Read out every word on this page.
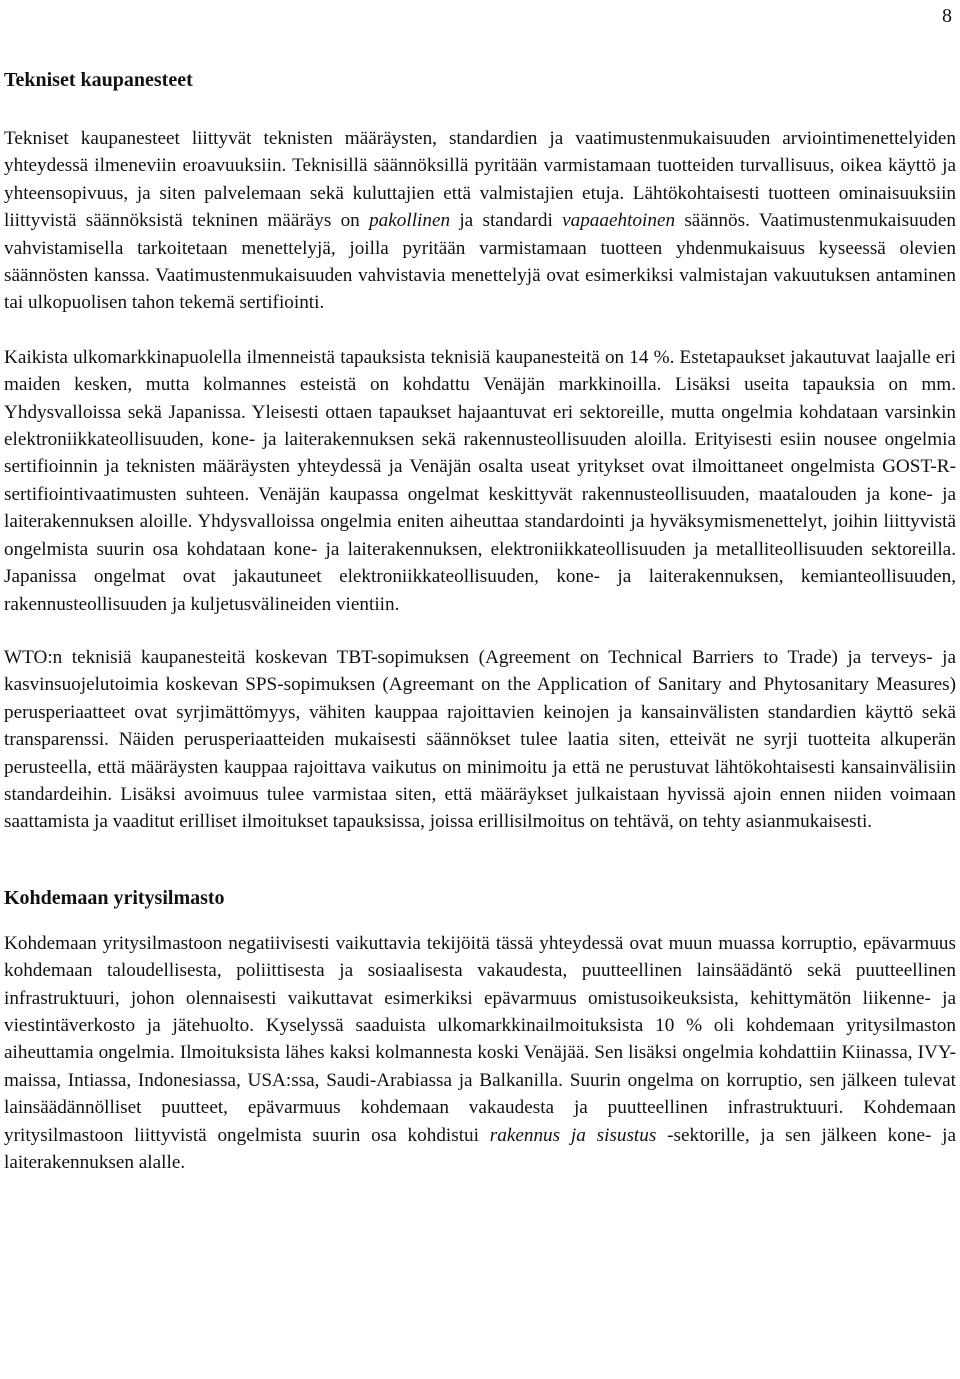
8
Tekniset kaupanesteet

Tekniset kaupanesteet liittyvät teknisten määräysten, standardien ja vaatimustenmukaisuuden arviointimenettelyiden yhteydessä ilmeneviin eroavuuksiin. Teknisillä säännöksillä pyritään varmistamaan tuotteiden turvallisuus, oikea käyttö ja yhteensopivuus, ja siten palvelemaan sekä kuluttajien että valmistajien etuja. Lähtökohtaisesti tuotteen ominaisuuksiin liittyvistä säännöksistä tekninen määräys on pakollinen ja standardi vapaaehtoinen säännös. Vaatimustenmukaisuuden vahvistamisella tarkoitetaan menettelyjä, joilla pyritään varmistamaan tuotteen yhdenmukaisuus kyseessä olevien säännösten kanssa. Vaatimustenmukaisuuden vahvistavia menettelyjä ovat esimerkiksi valmistajan vakuutuksen antaminen tai ulkopuolisen tahon tekemä sertifiointi.

Kaikista ulkomarkkinapuolella ilmenneistä tapauksista teknisiä kaupanesteitä on 14 %. Estetapaukset jakautuvat laajalle eri maiden kesken, mutta kolmannes esteistä on kohdattu Venäjän markkinoilla. Lisäksi useita tapauksia on mm. Yhdysvalloissa sekä Japanissa. Yleisesti ottaen tapaukset hajaantuvat eri sektoreille, mutta ongelmia kohdataan varsinkin elektroniikkateollisuuden, kone- ja laiterakennuksen sekä rakennusteollisuuden aloilla. Erityisesti esiin nousee ongelmia sertifioinnin ja teknisten määräysten yhteydessä ja Venäjän osalta useat yritykset ovat ilmoittaneet ongelmista GOST-R-sertifiointivaatimusten suhteen. Venäjän kaupassa ongelmat keskittyvät rakennusteollisuuden, maatalouden ja kone- ja laiterakennuksen aloille. Yhdysvalloissa ongelmia eniten aiheuttaa standardointi ja hyväksymismenettelyt, joihin liittyvistä ongelmista suurin osa kohdataan kone- ja laiterakennuksen, elektroniikkateollisuuden ja metalliteollisuuden sektoreilla. Japanissa ongelmat ovat jakautuneet elektroniikkateollisuuden, kone- ja laiterakennuksen, kemianteollisuuden, rakennusteollisuuden ja kuljetusvälineiden vientiin.

WTO:n teknisiä kaupanesteitä koskevan TBT-sopimuksen (Agreement on Technical Barriers to Trade) ja terveys- ja kasvinsuojelutoimia koskevan SPS-sopimuksen (Agreemant on the Application of Sanitary and Phytosanitary Measures) perusperiaatteet ovat syrjimättömyys, vähiten kauppaa rajoittavien keinojen ja kansainvälisten standardien käyttö sekä transparenssi. Näiden perusperiaatteiden mukaisesti säännökset tulee laatia siten, etteivät ne syrji tuotteita alkuperän perusteella, että määräysten kauppaa rajoittava vaikutus on minimoitu ja että ne perustuvat lähtökohtaisesti kansainvälisiin standardeihin. Lisäksi avoimuus tulee varmistaa siten, että määräykset julkaistaan hyvissä ajoin ennen niiden voimaan saattamista ja vaaditut erilliset ilmoitukset tapauksissa, joissa erillisilmoitus on tehtävä, on tehty asianmukaisesti.

Kohdemaan yritysilmasto

Kohdemaan yritysilmastoon negatiivisesti vaikuttavia tekijöitä tässä yhteydessä ovat muun muassa korruptio, epävarmuus kohdemaan taloudellisesta, poliittisesta ja sosiaalisesta vakaudesta, puutteellinen lainsäädäntö sekä puutteellinen infrastruktuuri, johon olennaisesti vaikuttavat esimerkiksi epävarmuus omistusoikeuksista, kehittymätön liikenne- ja viestintäverkosto ja jätehuolto. Kyselyssä saaduista ulkomarkkinailmoituksista 10 % oli kohdemaan yritysilmaston aiheuttamia ongelmia. Ilmoituksista lähes kaksi kolmannesta koski Venäjää. Sen lisäksi ongelmia kohdattiin Kiinassa, IVY-maissa, Intiassa, Indonesiassa, USA:ssa, Saudi-Arabiassa ja Balkanilla. Suurin ongelma on korruptio, sen jälkeen tulevat lainsäädännölliset puutteet, epävarmuus kohdemaan vakaudesta ja puutteellinen infrastruktuuri. Kohdemaan yritysilmastoon liittyvistä ongelmista suurin osa kohdistui rakennus ja sisustus -sektorille, ja sen jälkeen kone- ja laiterakennuksen alalle.
